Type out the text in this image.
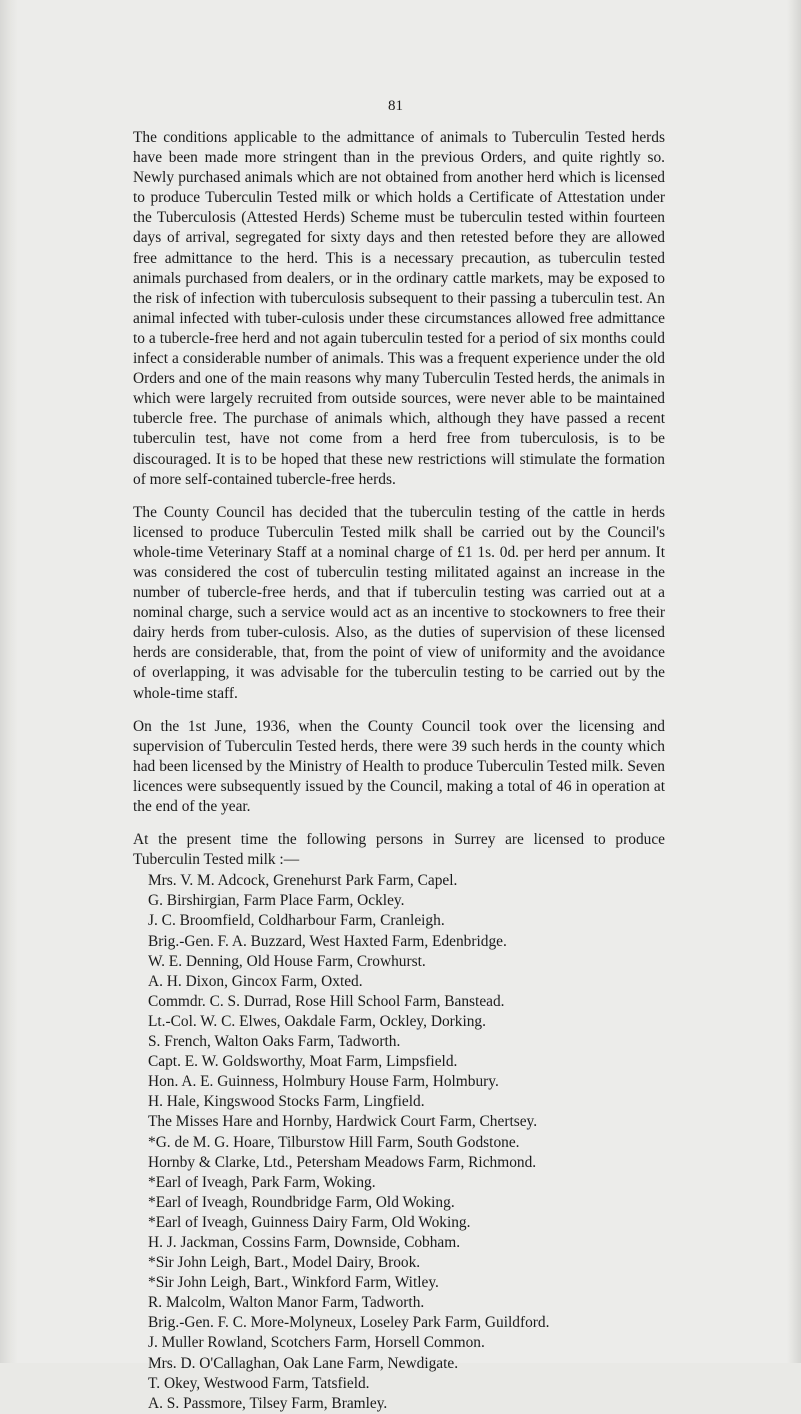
81
The conditions applicable to the admittance of animals to Tuberculin Tested herds have been made more stringent than in the previous Orders, and quite rightly so. Newly purchased animals which are not obtained from another herd which is licensed to produce Tuberculin Tested milk or which holds a Certificate of Attestation under the Tuberculosis (Attested Herds) Scheme must be tuberculin tested within fourteen days of arrival, segregated for sixty days and then retested before they are allowed free admittance to the herd. This is a necessary precaution, as tuberculin tested animals purchased from dealers, or in the ordinary cattle markets, may be exposed to the risk of infection with tuberculosis subsequent to their passing a tuberculin test. An animal infected with tuber-culosis under these circumstances allowed free admittance to a tubercle-free herd and not again tuberculin tested for a period of six months could infect a considerable number of animals. This was a frequent experience under the old Orders and one of the main reasons why many Tuberculin Tested herds, the animals in which were largely recruited from outside sources, were never able to be maintained tubercle free. The purchase of animals which, although they have passed a recent tuberculin test, have not come from a herd free from tuberculosis, is to be discouraged. It is to be hoped that these new restrictions will stimulate the formation of more self-contained tubercle-free herds.
The County Council has decided that the tuberculin testing of the cattle in herds licensed to produce Tuberculin Tested milk shall be carried out by the Council's whole-time Veterinary Staff at a nominal charge of £1 1s. 0d. per herd per annum. It was considered the cost of tuberculin testing militated against an increase in the number of tubercle-free herds, and that if tuberculin testing was carried out at a nominal charge, such a service would act as an incentive to stockowners to free their dairy herds from tuber-culosis. Also, as the duties of supervision of these licensed herds are considerable, that, from the point of view of uniformity and the avoidance of overlapping, it was advisable for the tuberculin testing to be carried out by the whole-time staff.
On the 1st June, 1936, when the County Council took over the licensing and supervision of Tuberculin Tested herds, there were 39 such herds in the county which had been licensed by the Ministry of Health to produce Tuberculin Tested milk. Seven licences were subsequently issued by the Council, making a total of 46 in operation at the end of the year.
At the present time the following persons in Surrey are licensed to produce Tuberculin Tested milk :—
Mrs. V. M. Adcock, Grenehurst Park Farm, Capel.
G. Birshirgian, Farm Place Farm, Ockley.
J. C. Broomfield, Coldharbour Farm, Cranleigh.
Brig.-Gen. F. A. Buzzard, West Haxted Farm, Edenbridge.
W. E. Denning, Old House Farm, Crowhurst.
A. H. Dixon, Gincox Farm, Oxted.
Commdr. C. S. Durrad, Rose Hill School Farm, Banstead.
Lt.-Col. W. C. Elwes, Oakdale Farm, Ockley, Dorking.
S. French, Walton Oaks Farm, Tadworth.
Capt. E. W. Goldsworthy, Moat Farm, Limpsfield.
Hon. A. E. Guinness, Holmbury House Farm, Holmbury.
H. Hale, Kingswood Stocks Farm, Lingfield.
The Misses Hare and Hornby, Hardwick Court Farm, Chertsey.
*G. de M. G. Hoare, Tilburstow Hill Farm, South Godstone.
Hornby & Clarke, Ltd., Petersham Meadows Farm, Richmond.
*Earl of Iveagh, Park Farm, Woking.
*Earl of Iveagh, Roundbridge Farm, Old Woking.
*Earl of Iveagh, Guinness Dairy Farm, Old Woking.
H. J. Jackman, Cossins Farm, Downside, Cobham.
*Sir John Leigh, Bart., Model Dairy, Brook.
*Sir John Leigh, Bart., Winkford Farm, Witley.
R. Malcolm, Walton Manor Farm, Tadworth.
Brig.-Gen. F. C. More-Molyneux, Loseley Park Farm, Guildford.
J. Muller Rowland, Scotchers Farm, Horsell Common.
Mrs. D. O'Callaghan, Oak Lane Farm, Newdigate.
T. Okey, Westwood Farm, Tatsfield.
A. S. Passmore, Tilsey Farm, Bramley.
